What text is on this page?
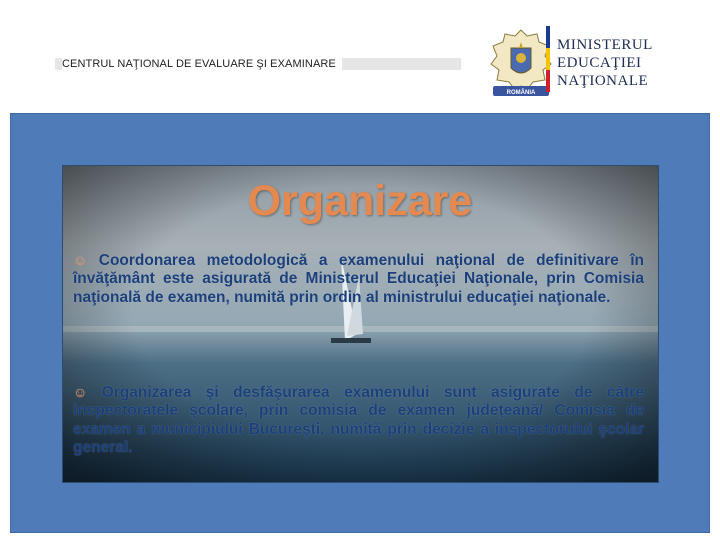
CENTRUL NAŢIONAL DE EVALUARE ŞI EXAMINARE
ROMÂNIA
MINISTERUL
EDUCAŢIEI
NAŢIONALE
Organizare
☺ Coordonarea metodologică a examenului naţional de definitivare în învăţământ este asigurată de Ministerul Educaţiei Naţionale, prin Comisia naţională de examen, numită prin ordin al ministrului educaţiei naţionale.
☺ Organizarea şi desfăşurarea examenului sunt asigurate de către inspectoratele şcolare, prin comisia de examen judeţeană/ Comisia de examen a municipiului Bucureşti, numită prin decizie a inspectorului şcolar general.
